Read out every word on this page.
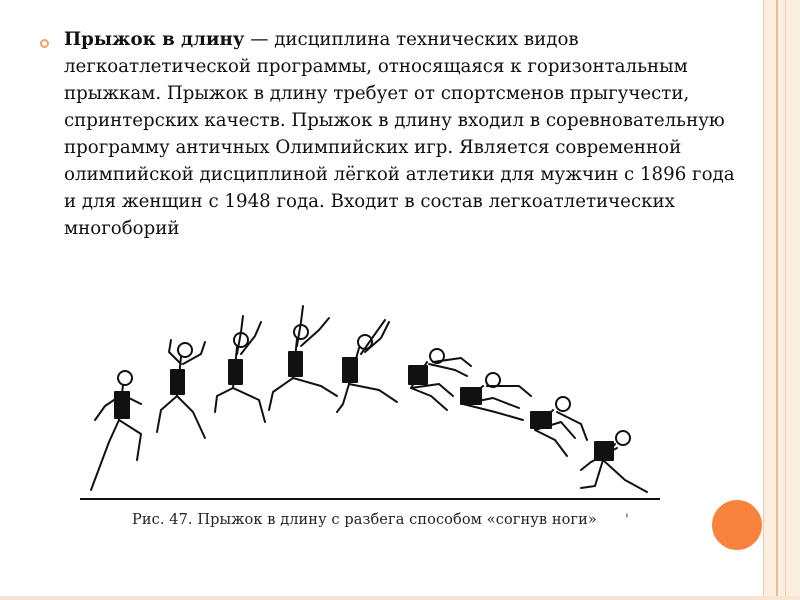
Прыжок в длину — дисциплина технических видов легкоатлетической программы, относящаяся к горизонтальным прыжкам. Прыжок в длину требует от спортсменов прыгучести, спринтерских качеств. Прыжок в длину входил в соревновательную программу античных Олимпийских игр. Является современной олимпийской дисциплиной лёгкой атлетики для мужчин с 1896 года и для женщин с 1948 года. Входит в состав легкоатлетических многоборий

Рис. 47. Прыжок в длину с разбега способом «согнув ноги» '
